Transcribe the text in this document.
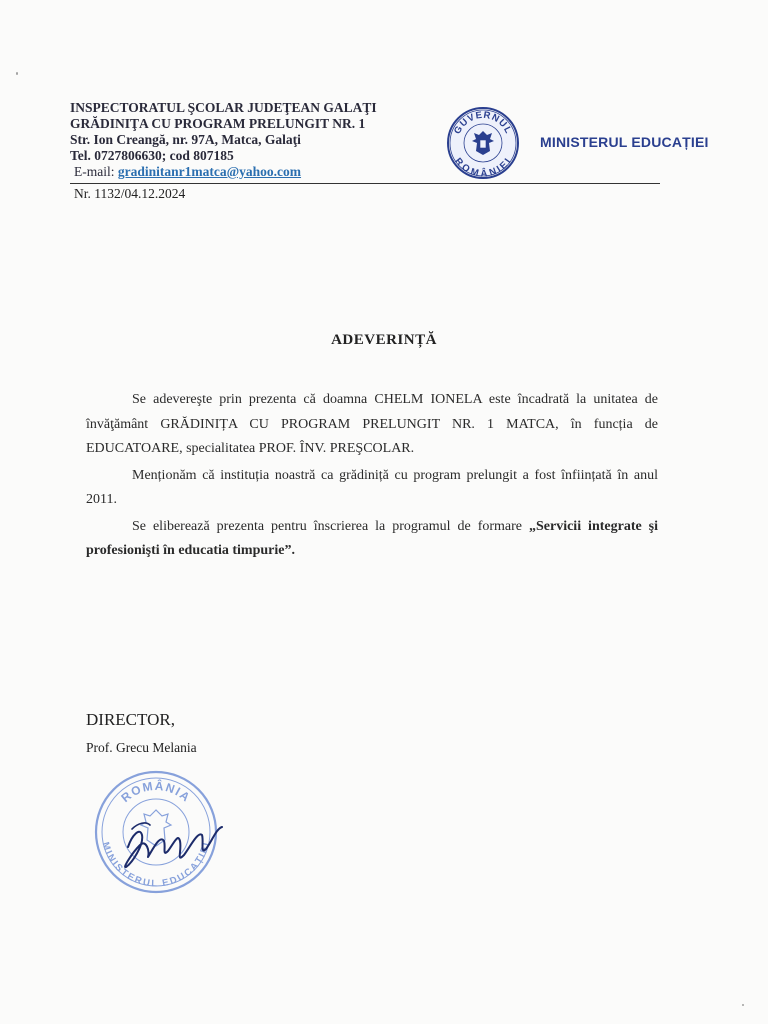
INSPECTORATUL ŞCOLAR JUDEŢEAN GALAŢI
GRĂDINIŢA CU PROGRAM PRELUNGIT NR. 1
Str. Ion Creangă, nr. 97A, Matca, Galaţi
Tel. 0727806630; cod 807185
E-mail: gradinitanr1matca@yahoo.com
GUVERNUL
ROMÂNIEI
MINISTERUL EDUCAȚIEI
Nr. 1132/04.12.2024
ADEVERINȚĂ

Se adevereşte prin prezenta că doamna CHELM IONELA este încadrată la unitatea de învăţământ GRĂDINIȚA CU PROGRAM PRELUNGIT NR. 1 MATCA, în funcția de EDUCATOARE, specialitatea PROF. ÎNV. PREŞCOLAR.

Menționăm că instituția noastră ca grădiniță cu program prelungit a fost înființată în anul 2011.

Se eliberează prezenta pentru înscrierea la programul de formare „Servicii integrate şi profesionişti în educatia timpurie”.

DIRECTOR,
Prof. Grecu Melania
ROMÂNIA
MINISTERUL EDUCAȚIEI
